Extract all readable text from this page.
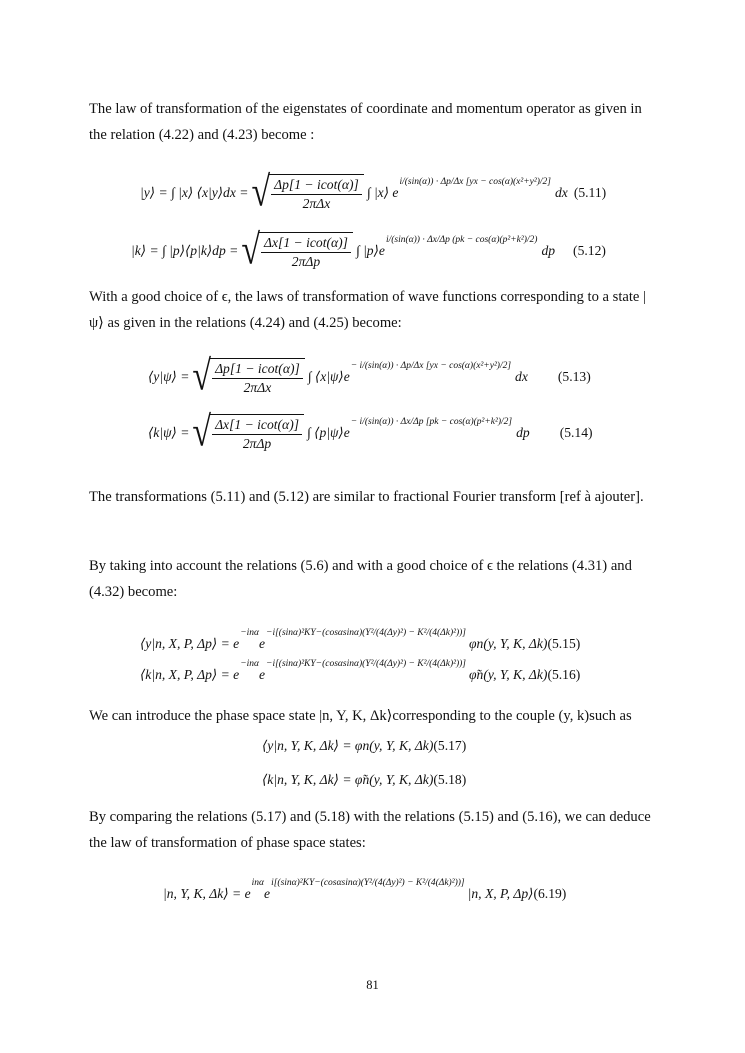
The law of transformation of the eigenstates of coordinate and momentum operator as given in the relation (4.22) and (4.23) become :

|y⟩ = ∫ |x⟩ ⟨x|y⟩dx = √ $\frac{\Delta p[1 - icot(\alpha)]}{\text{2πΔx}}$ ∫ |x⟩ e
i/(sin(α)) · Δp/Δx [yx − cos(α)(x²+y²)/2]
dx (5.11)
|k⟩ = ∫ |p⟩⟨p|k⟩dp = √ $\frac{\Delta x[1 - icot(\alpha)]}{\text{2πΔp}}$ ∫ |p⟩e
i/(sin(α)) · Δx/Δp (pk − cos(α)(p²+k²)/2)
dp (5.12)

With a good choice of ϵ, the laws of transformation of wave functions corresponding to a state |ψ⟩ as given in the relations (4.24) and (4.25) become:

⟨y|ψ⟩ = √ $\frac{\Delta p[1 - icot(\alpha)]}{\text{2πΔx}}$ ∫ ⟨x|ψ⟩e
− i/(sin(α)) · Δp/Δx [yx − cos(α)(x²+y²)/2]
dx (5.13)
⟨k|ψ⟩ = √ $\frac{\Delta x[1 - icot(\alpha)]}{\text{2πΔp}}$ ∫ ⟨p|ψ⟩e
− i/(sin(α)) · Δx/Δp [pk − cos(α)(p²+k²)/2]
dp (5.14)

The transformations (5.11) and (5.12) are similar to fractional Fourier transform [ref à ajouter].

By taking into account the relations (5.6) and with a good choice of ϵ the relations (4.31) and (4.32) become:

⟨y|n, X, P, Δp⟩ = e
−inα
e
−i[(sinα)²KY−(cosαsinα)(Y²/(4(Δy)²) − K²/(4(Δk)²))]
φn(y, Y, K, Δk) (5.15)
⟨k|n, X, P, Δp⟩ = e
−inα
e
−i[(sinα)²KY−(cosαsinα)(Y²/(4(Δy)²) − K²/(4(Δk)²))]
φ̃n(y, Y, K, Δk) (5.16)

We can introduce the phase space state |n, Y, K, Δk⟩corresponding to the couple (y, k)such as

⟨y|n, Y, K, Δk⟩ = φn(y, Y, K, Δk) (5.17)
⟨k|n, Y, K, Δk⟩ = φ̃n(y, Y, K, Δk) (5.18)

By comparing the relations (5.17) and (5.18) with the relations (5.15) and (5.16), we can deduce the law of transformation of phase space states:

|n, Y, K, Δk⟩ = e
inα
e
i[(sinα)²KY−(cosαsinα)(Y²/(4(Δy)²) − K²/(4(Δk)²))]
|n, X, P, Δp⟩ (6.19)
81
